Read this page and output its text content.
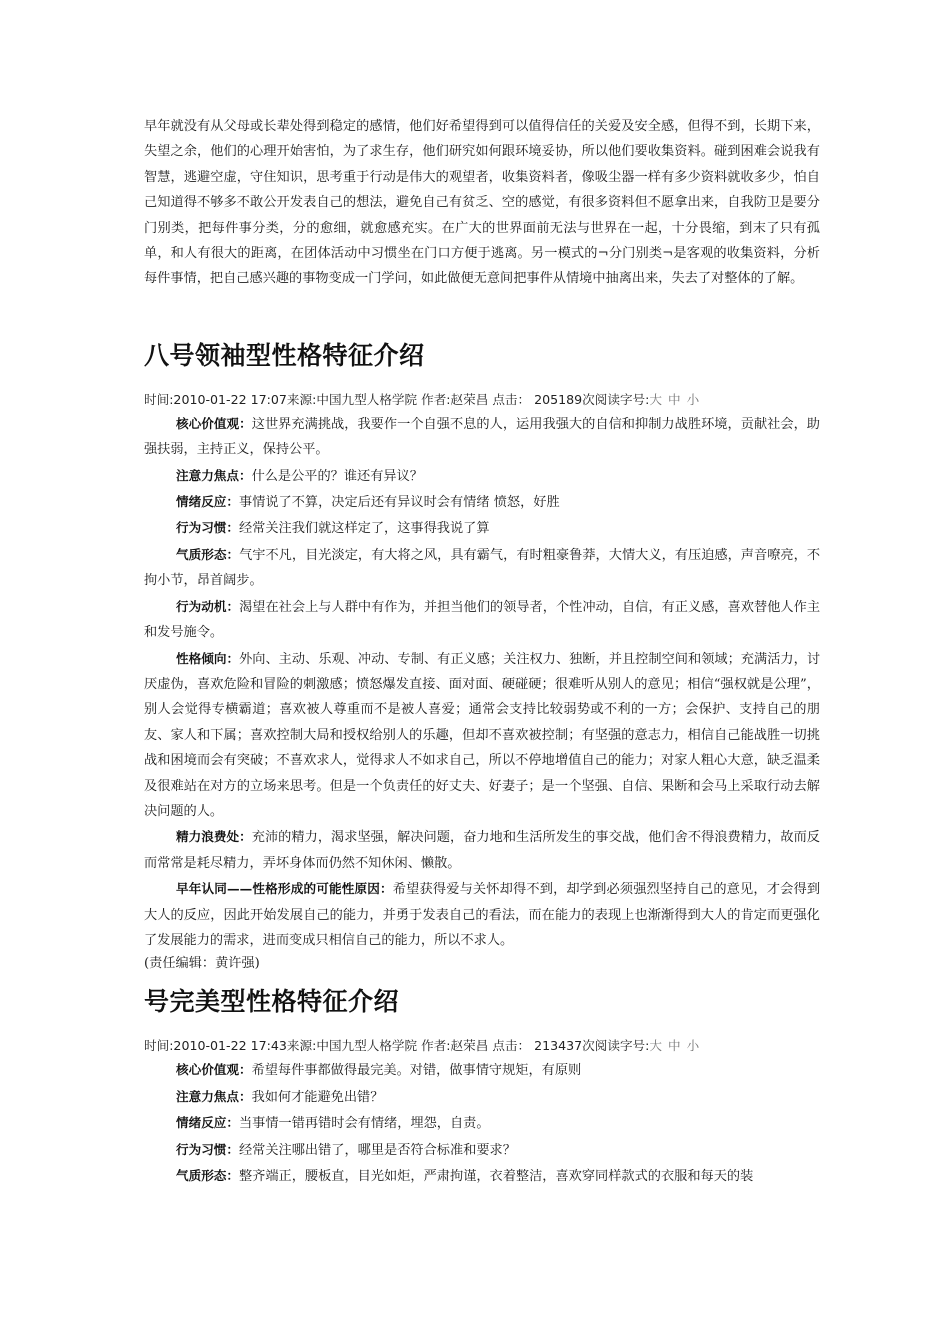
早年就没有从父母或长辈处得到稳定的感情，他们好希望得到可以值得信任的关爱及安全感，但得不到，长期下来，失望之余，他们的心理开始害怕，为了求生存，他们研究如何跟环境妥协，所以他们要收集资料。碰到困难会说我有智慧，逃避空虚，守住知识，思考重于行动是伟大的观望者，收集资料者，像吸尘器一样有多少资料就收多少，怕自己知道得不够多不敢公开发表自己的想法，避免自己有贫乏、空的感觉，有很多资料但不愿拿出来，自我防卫是要分门别类，把每件事分类，分的愈细，就愈感充实。在广大的世界面前无法与世界在一起，十分畏缩，到末了只有孤单，和人有很大的距离，在团体活动中习惯坐在门口方便于逃离。另一模式的¬分门别类¬是客观的收集资料，分析每件事情，把自己感兴趣的事物变成一门学问，如此做便无意间把事件从情境中抽离出来，失去了对整体的了解。

八号领袖型性格特征介绍

时间:2010-01-22 17:07来源:中国九型人格学院 作者:赵荣昌 点击： 205189次阅读字号:大 中 小

核心价值观：这世界充满挑战，我要作一个自强不息的人，运用我强大的自信和抑制力战胜环境，贡献社会，助强扶弱，主持正义，保持公平。

注意力焦点：什么是公平的？谁还有异议？

情绪反应：事情说了不算，决定后还有异议时会有情绪 愤怒，好胜

行为习惯：经常关注我们就这样定了，这事得我说了算

气质形态：气宇不凡，目光淡定，有大将之风，具有霸气，有时粗豪鲁莽，大情大义，有压迫感，声音嘹亮，不拘小节，昂首阔步。

行为动机：渴望在社会上与人群中有作为，并担当他们的领导者，个性冲动，自信，有正义感，喜欢替他人作主和发号施令。

性格倾向：外向、主动、乐观、冲动、专制、有正义感；关注权力、独断，并且控制空间和领域；充满活力，讨厌虚伪，喜欢危险和冒险的刺激感；愤怒爆发直接、面对面、硬碰硬；很难听从别人的意见；相信“强权就是公理”，别人会觉得专横霸道；喜欢被人尊重而不是被人喜爱；通常会支持比较弱势或不利的一方；会保护、支持自己的朋友、家人和下属；喜欢控制大局和授权给别人的乐趣，但却不喜欢被控制；有坚强的意志力，相信自己能战胜一切挑战和困境而会有突破；不喜欢求人，觉得求人不如求自己，所以不停地增值自己的能力；对家人粗心大意，缺乏温柔及很难站在对方的立场来思考。但是一个负责任的好丈夫、好妻子；是一个坚强、自信、果断和会马上采取行动去解决问题的人。

精力浪费处：充沛的精力，渴求坚强，解决问题，奋力地和生活所发生的事交战，他们舍不得浪费精力，故而反而常常是耗尽精力，弄坏身体而仍然不知休闲、懒散。

早年认同——性格形成的可能性原因：希望获得爱与关怀却得不到，却学到必须强烈坚持自己的意见，才会得到大人的反应，因此开始发展自己的能力，并勇于发表自己的看法，而在能力的表现上也渐渐得到大人的肯定而更强化了发展能力的需求，进而变成只相信自己的能力，所以不求人。

(责任编辑：黄许强)

号完美型性格特征介绍

时间:2010-01-22 17:43来源:中国九型人格学院 作者:赵荣昌 点击： 213437次阅读字号:大 中 小

核心价值观：希望每件事都做得最完美。对错，做事情守规矩，有原则

注意力焦点：我如何才能避免出错？

情绪反应：当事情一错再错时会有情绪，埋怨，自责。

行为习惯：经常关注哪出错了，哪里是否符合标准和要求？

气质形态：整齐端正，腰板直，目光如炬，严肃拘谨，衣着整洁，喜欢穿同样款式的衣服和每天的装
